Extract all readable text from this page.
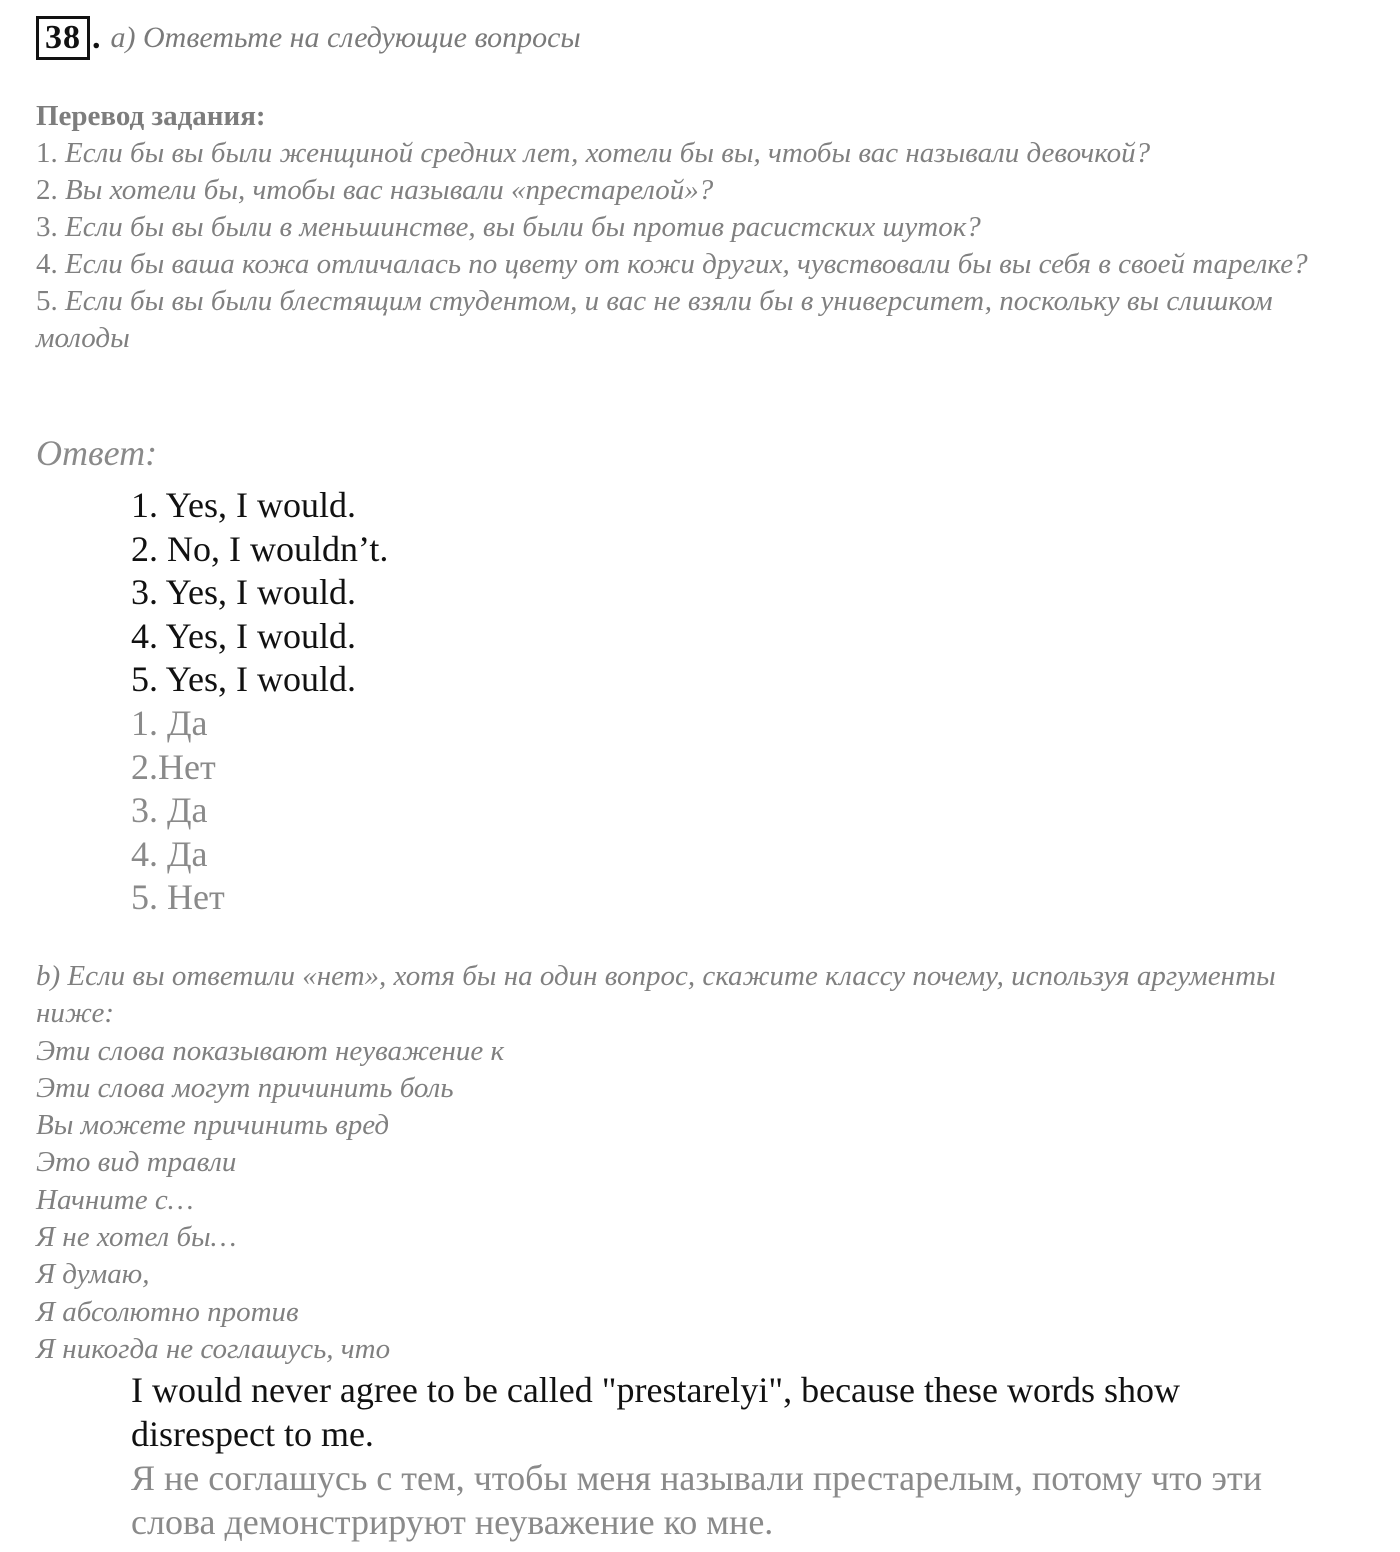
38 . a) Ответьте на следующие вопросы
Перевод задания:
1. Если бы вы были женщиной средних лет, хотели бы вы, чтобы вас называли девочкой?
2. Вы хотели бы, чтобы вас называли «престарелой»?
3. Если бы вы были в меньшинстве, вы были бы против расистских шуток?
4. Если бы ваша кожа отличалась по цвету от кожи других, чувствовали бы вы себя в своей тарелке?
5. Если бы вы были блестящим студентом, и вас не взяли бы в университет, поскольку вы слишком молоды
Ответ:
1. Yes, I would.
2. No, I wouldn’t.
3. Yes, I would.
4. Yes, I would.
5. Yes, I would.
1. Да
2.Нет
3. Да
4. Да
5. Нет
b) Если вы ответили «нет», хотя бы на один вопрос, скажите классу почему, используя аргументы ниже:
Эти слова показывают неуважение к
Эти слова могут причинить боль
Вы можете причинить вред
Это вид травли
Начните с…
Я не хотел бы…
Я думаю,
Я абсолютно против
Я никогда не соглашусь, что
I would never agree to be called "prestarelyi", because these words show disrespect to me.
Я не соглашусь с тем, чтобы меня называли престарелым, потому что эти слова демонстрируют неуважение ко мне.
